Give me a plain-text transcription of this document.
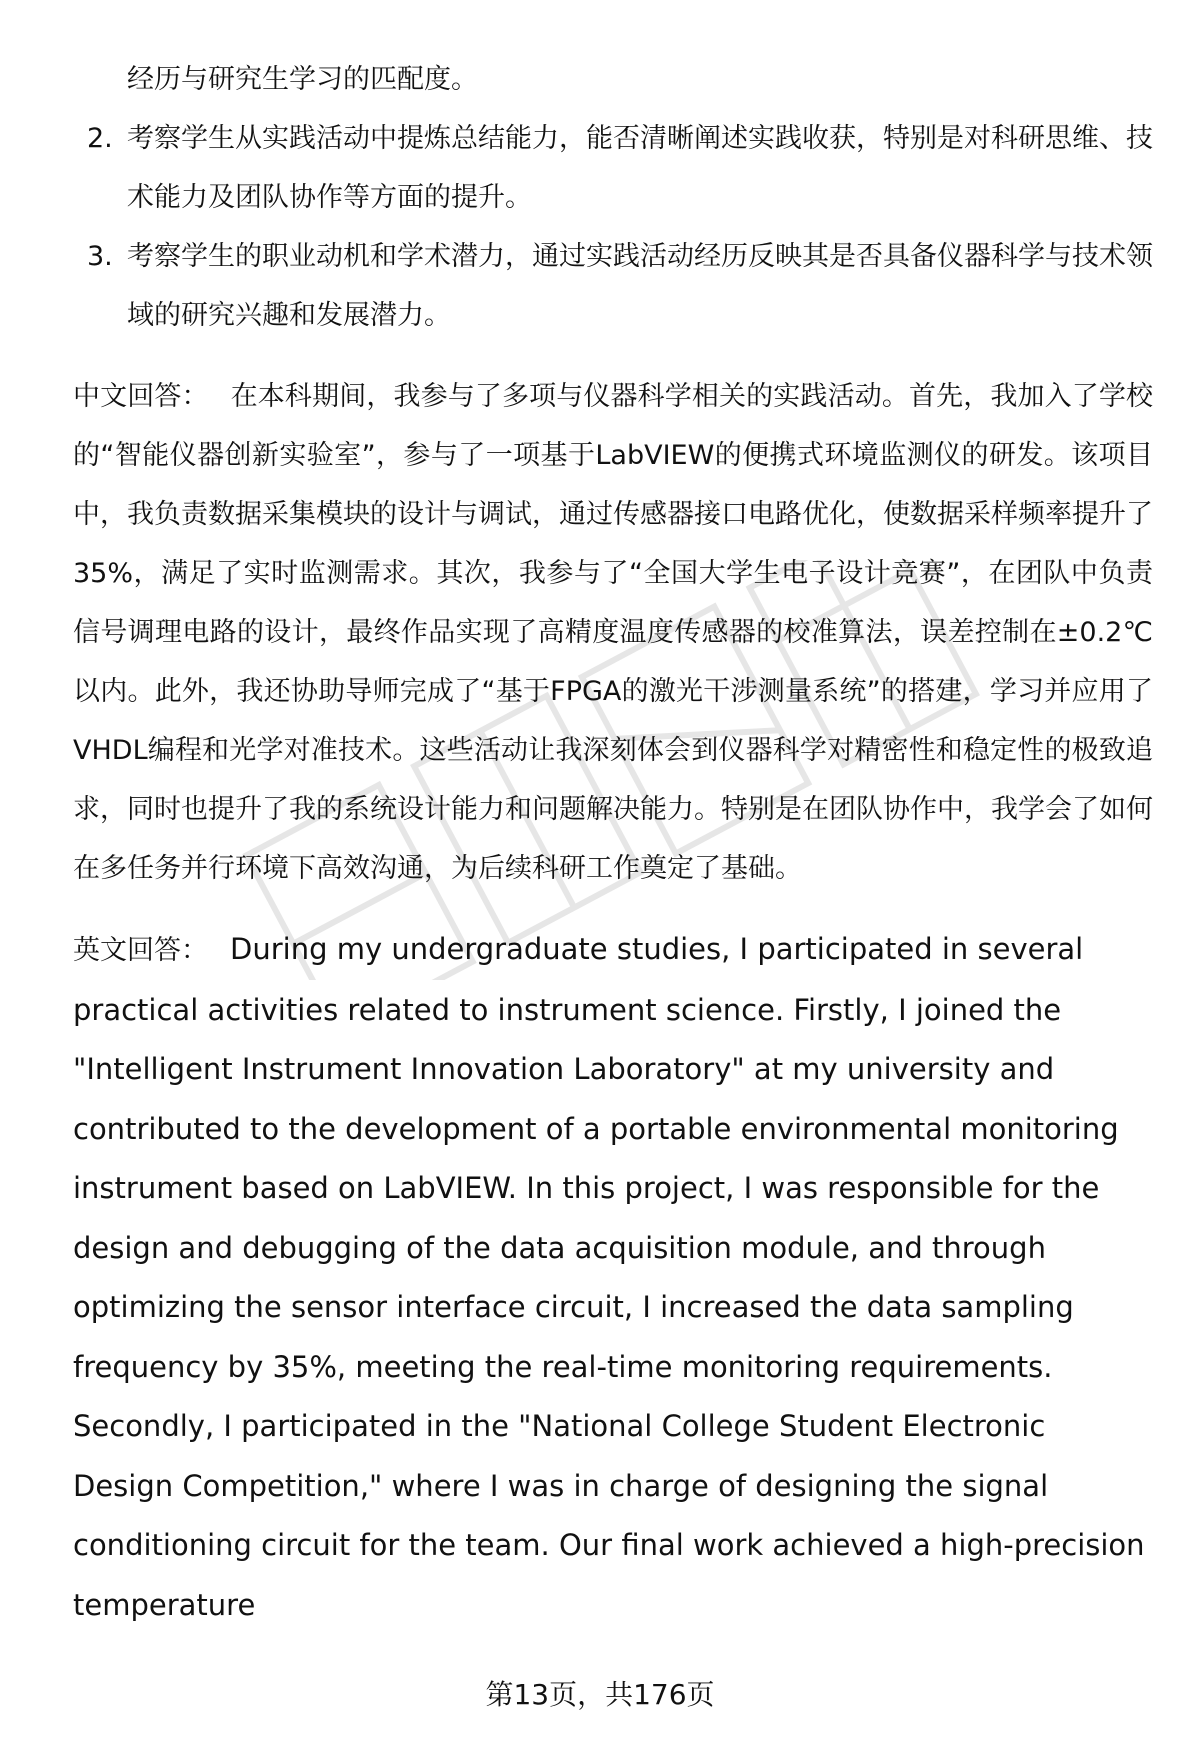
经历与研究生学习的匹配度。
2. 考察学生从实践活动中提炼总结能力，能否清晰阐述实践收获，特别是对科研思维、技术能力及团队协作等方面的提升。
3. 考察学生的职业动机和学术潜力，通过实践活动经历反映其是否具备仪器科学与技术领域的研究兴趣和发展潜力。
中文回答： 在本科期间，我参与了多项与仪器科学相关的实践活动。首先，我加入了学校的“智能仪器创新实验室”，参与了一项基于LabVIEW的便携式环境监测仪的研发。该项目中，我负责数据采集模块的设计与调试，通过传感器接口电路优化，使数据采样频率提升了35%，满足了实时监测需求。其次，我参与了“全国大学生电子设计竞赛”，在团队中负责信号调理电路的设计，最终作品实现了高精度温度传感器的校准算法，误差控制在±0.2℃以内。此外，我还协助导师完成了“基于FPGA的激光干涉测量系统”的搭建，学习并应用了VHDL编程和光学对准技术。这些活动让我深刻体会到仪器科学对精密性和稳定性的极致追求，同时也提升了我的系统设计能力和问题解决能力。特别是在团队协作中，我学会了如何在多任务并行环境下高效沟通，为后续科研工作奠定了基础。
英文回答： During my undergraduate studies, I participated in several practical activities related to instrument science. Firstly, I joined the "Intelligent Instrument Innovation Laboratory" at my university and contributed to the development of a portable environmental monitoring instrument based on LabVIEW. In this project, I was responsible for the design and debugging of the data acquisition module, and through optimizing the sensor interface circuit, I increased the data sampling frequency by 35%, meeting the real-time monitoring requirements. Secondly, I participated in the "National College Student Electronic Design Competition," where I was in charge of designing the signal conditioning circuit for the team. Our final work achieved a high-precision temperature
第13页，共176页
